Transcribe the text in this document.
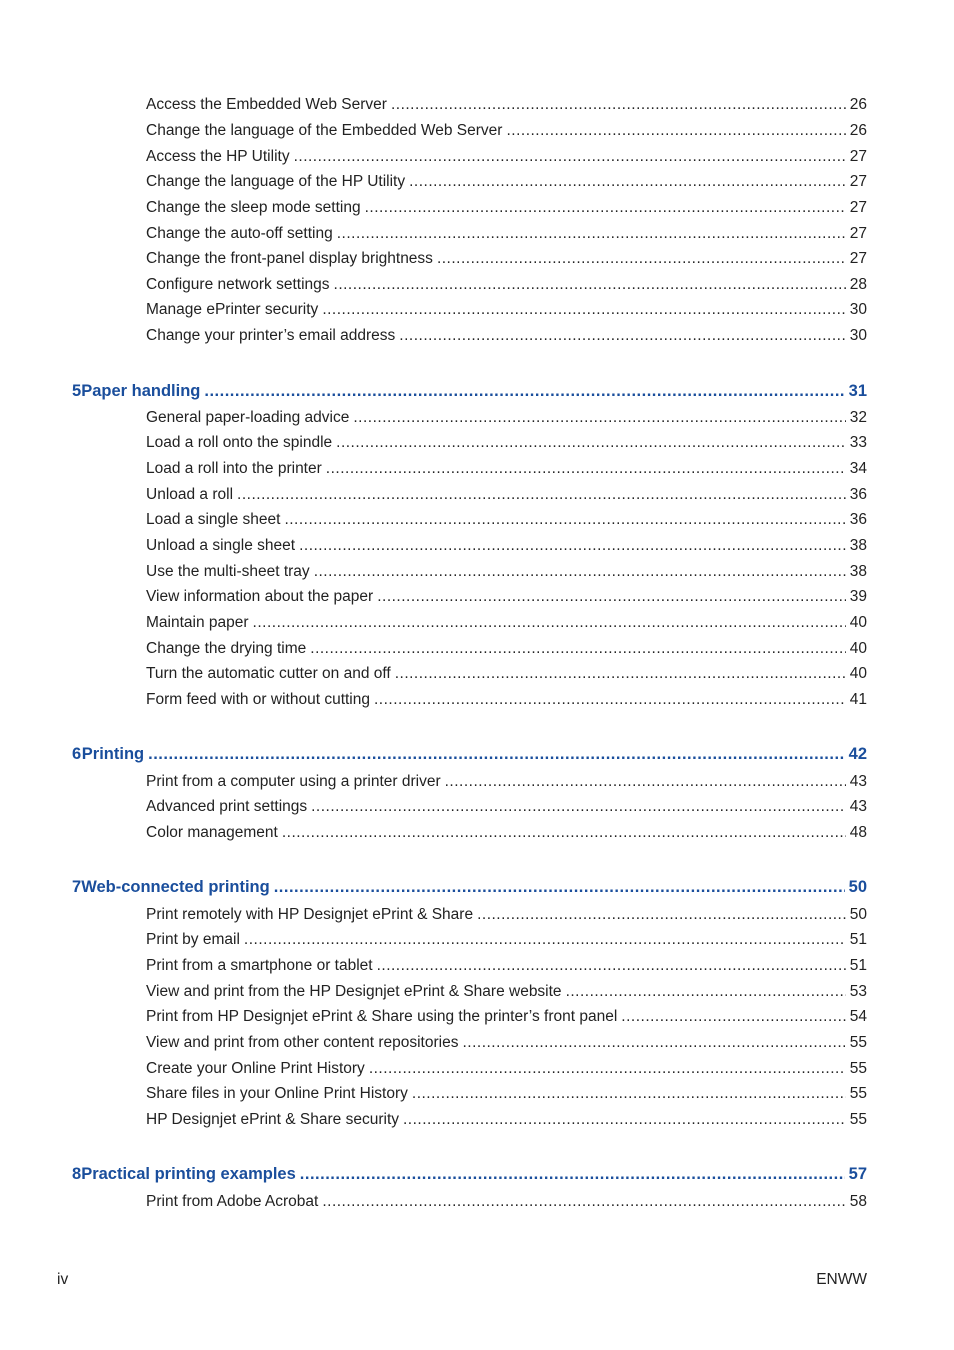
Access the Embedded Web Server .....	26
Change the language of the Embedded Web Server .....	26
Access the HP Utility .....	27
Change the language of the HP Utility .....	27
Change the sleep mode setting .....	27
Change the auto-off setting .....	27
Change the front-panel display brightness .....	27
Configure network settings .....	28
Manage ePrinter security .....	30
Change your printer’s email address .....	30
5 Paper handling .....	31
General paper-loading advice .....	32
Load a roll onto the spindle .....	33
Load a roll into the printer .....	34
Unload a roll .....	36
Load a single sheet .....	36
Unload a single sheet .....	38
Use the multi-sheet tray .....	38
View information about the paper .....	39
Maintain paper .....	40
Change the drying time .....	40
Turn the automatic cutter on and off .....	40
Form feed with or without cutting .....	41
6 Printing .....	42
Print from a computer using a printer driver .....	43
Advanced print settings .....	43
Color management .....	48
7 Web-connected printing .....	50
Print remotely with HP Designjet ePrint & Share .....	50
Print by email .....	51
Print from a smartphone or tablet .....	51
View and print from the HP Designjet ePrint & Share website .....	53
Print from HP Designjet ePrint & Share using the printer’s front panel .....	54
View and print from other content repositories .....	55
Create your Online Print History .....	55
Share files in your Online Print History .....	55
HP Designjet ePrint & Share security .....	55
8 Practical printing examples .....	57
Print from Adobe Acrobat .....	58
iv	ENWW
